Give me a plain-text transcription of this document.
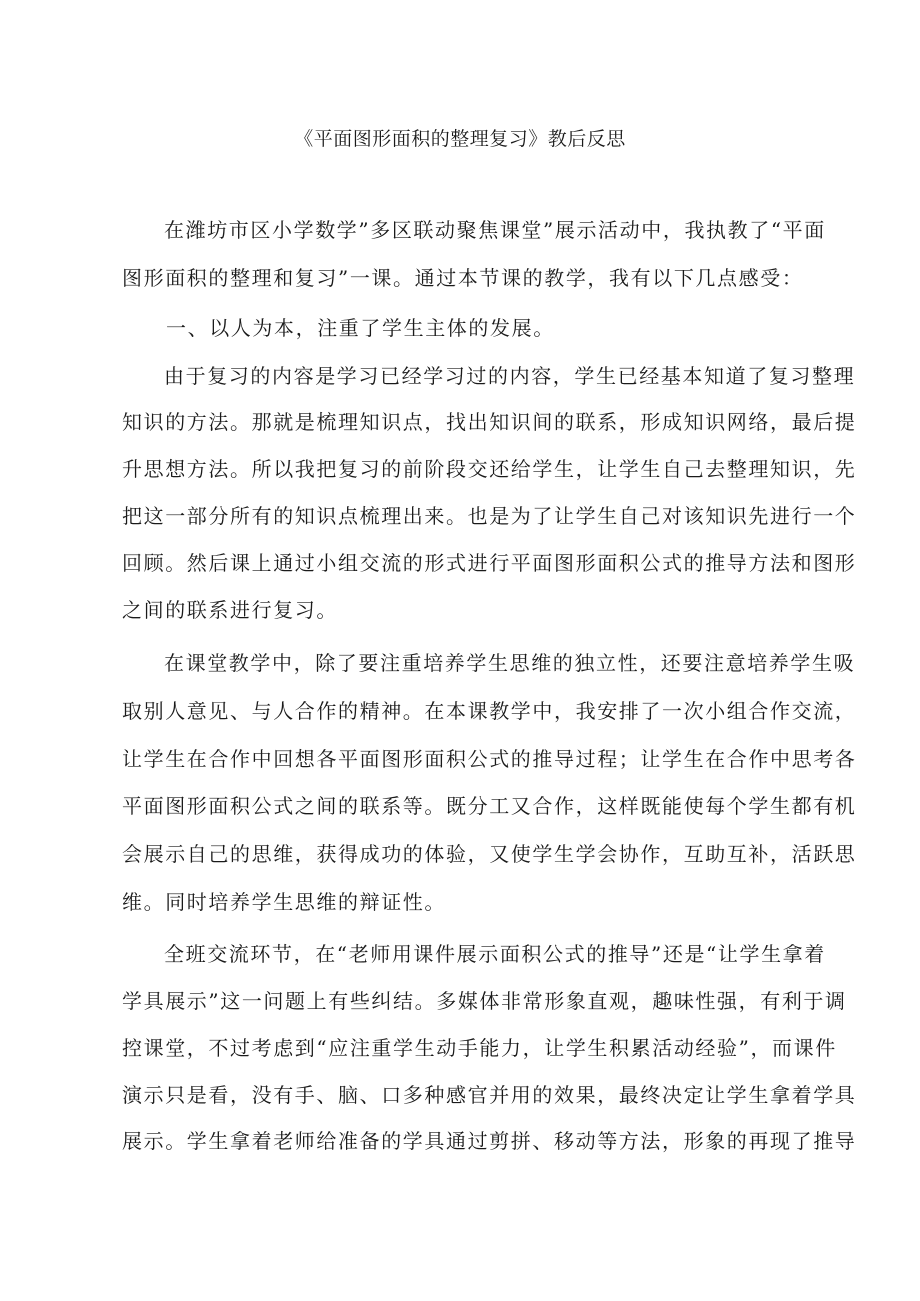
《平面图形面积的整理复习》教后反思
在潍坊市区小学数学”多区联动聚焦课堂”展示活动中，我执教了“平面
图形面积的整理和复习”一课。通过本节课的教学，我有以下几点感受：
一、以人为本，注重了学生主体的发展。
由于复习的内容是学习已经学习过的内容，学生已经基本知道了复习整理
知识的方法。那就是梳理知识点，找出知识间的联系，形成知识网络，最后提
升思想方法。所以我把复习的前阶段交还给学生，让学生自己去整理知识，先
把这一部分所有的知识点梳理出来。也是为了让学生自己对该知识先进行一个
回顾。然后课上通过小组交流的形式进行平面图形面积公式的推导方法和图形
之间的联系进行复习。
在课堂教学中，除了要注重培养学生思维的独立性，还要注意培养学生吸
取别人意见、与人合作的精神。在本课教学中，我安排了一次小组合作交流，
让学生在合作中回想各平面图形面积公式的推导过程；让学生在合作中思考各
平面图形面积公式之间的联系等。既分工又合作，这样既能使每个学生都有机
会展示自己的思维，获得成功的体验，又使学生学会协作，互助互补，活跃思
维。同时培养学生思维的辩证性。
全班交流环节，在“老师用课件展示面积公式的推导”还是“让学生拿着
学具展示”这一问题上有些纠结。多媒体非常形象直观，趣味性强，有利于调
控课堂，不过考虑到“应注重学生动手能力，让学生积累活动经验”，而课件
演示只是看，没有手、脑、口多种感官并用的效果，最终决定让学生拿着学具
展示。学生拿着老师给准备的学具通过剪拼、移动等方法，形象的再现了推导
